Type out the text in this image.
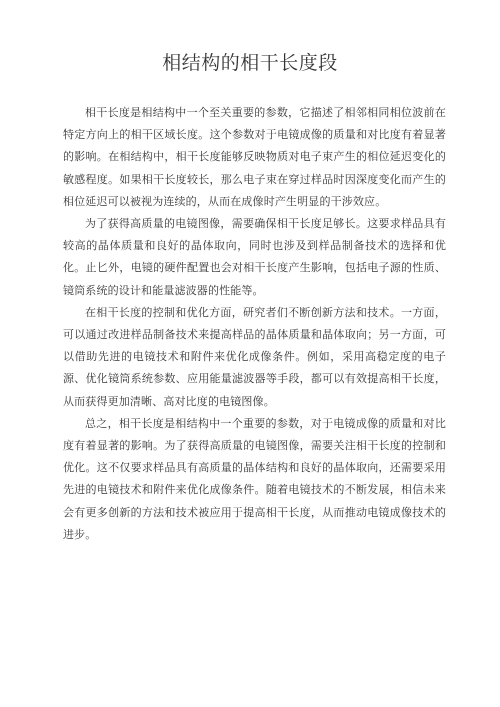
相结构的相干长度段

相干长度是相结构中一个至关重要的参数，它描述了相邻相同相位波前在特定方向上的相干区域长度。这个参数对于电镜成像的质量和对比度有着显著的影响。在相结构中，相干长度能够反映物质对电子束产生的相位延迟变化的敏感程度。如果相干长度较长，那么电子束在穿过样品时因深度变化而产生的相位延迟可以被视为连续的，从而在成像时产生明显的干涉效应。

为了获得高质量的电镜图像，需要确保相干长度足够长。这要求样品具有较高的晶体质量和良好的晶体取向，同时也涉及到样品制备技术的选择和优化。止匕外，电镜的硬件配置也会对相干长度产生影响，包括电子源的性质、镜筒系统的设计和能量滤波器的性能等。

在相干长度的控制和优化方面，研究者们不断创新方法和技术。一方面，可以通过改进样品制备技术来提高样品的晶体质量和晶体取向；另一方面，可以借助先进的电镜技术和附件来优化成像条件。例如，采用高稳定度的电子源、优化镜筒系统参数、应用能量滤波器等手段，都可以有效提高相干长度，从而获得更加清晰、高对比度的电镜图像。

总之，相干长度是相结构中一个重要的参数，对于电镜成像的质量和对比度有着显著的影响。为了获得高质量的电镜图像，需要关注相干长度的控制和优化。这不仅要求样品具有高质量的晶体结构和良好的晶体取向，还需要采用先进的电镜技术和附件来优化成像条件。随着电镜技术的不断发展，相信未来会有更多创新的方法和技术被应用于提高相干长度，从而推动电镜成像技术的进步。
